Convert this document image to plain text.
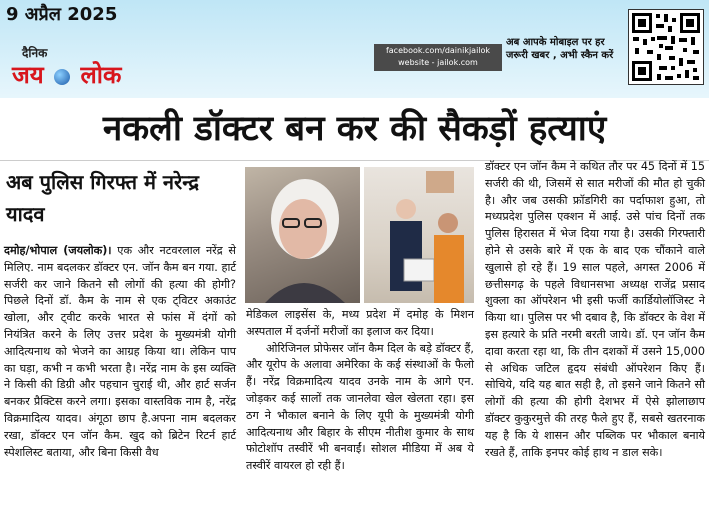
9 अप्रैल 2025
दैनिक
जय लोक
facebook.com/dainikjailok
website - jailok.com
अब आपके मोबाइल पर हर
जरूरी खबर , अभी स्कैन करें
नकली डॉक्टर बन कर की सैकड़ों हत्याएं
अब पुलिस गिरफ्त में नरेन्द्र यादव

दमोह/भोपाल (जयलोक)। एक और नटवरलाल नरेंद्र से मिलिए. नाम बदलकर डॉक्टर एन. जॉन कैम बन गया. हार्ट सर्जरी कर जाने कितने सौ लोगों की हत्या की होगी? पिछले दिनों डॉ. कैम के नाम से एक ट्विटर अकाउंट खोला, और ट्वीट करके भारत से फांस में दंगों को नियंत्रित करने के लिए उत्तर प्रदेश के मुख्यमंत्री योगी आदित्यनाथ को भेजने का आग्रह किया था। लेकिन पाप का घड़ा, कभी न कभी भरता है। नरेंद्र नाम के इस व्यक्ति ने किसी की डिग्री और पहचान चुराई थी, और हार्ट सर्जन बनकर प्रैक्टिस करने लगा। इसका वास्तविक नाम है, नरेंद्र विक्रमादित्य यादव। अंगूठा छाप है.अपना नाम बदलकर रखा, डॉक्टर एन जॉन कैम. खुद को ब्रिटेन रिटर्न हार्ट स्पेशलिस्ट बताया, और बिना किसी वैध

मेडिकल लाइसेंस के, मध्य प्रदेश में दमोह के मिशन अस्पताल में दर्जनों मरीजों का इलाज कर दिया।

ओरिजिनल प्रोफेसर जॉन कैम दिल के बड़े डॉक्टर हैं, और यूरोप के अलावा अमेरिका के कई संस्थाओं के फैलो हैं। नरेंद्र विक्रमादित्य यादव उनके नाम के आगे एन. जोड़कर कई सालों तक जानलेवा खेल खेलता रहा। इस ठग ने भौकाल बनाने के लिए यूपी के मुख्यमंत्री योगी आदित्यनाथ और बिहार के सीएम नीतीश कुमार के साथ फोटोशॉप तस्वीरें भी बनवाईं। सोशल मीडिया में अब ये तस्वीरें वायरल हो रही हैं।

डॉक्टर एन जॉन कैम ने कथित तौर पर 45 दिनों में 15 सर्जरी की थी, जिसमें से सात मरीजों की मौत हो चुकी है। और जब उसकी फ्रॉडगिरी का पर्दाफाश हुआ, तो मध्यप्रदेश पुलिस एक्शन में आई. उसे पांच दिनों तक पुलिस हिरासत में भेज दिया गया है। उसकी गिरफ्तारी होने से उसके बारे में एक के बाद एक चौंकाने वाले खुलासे हो रहे हैं। 19 साल पहले, अगस्त 2006 में छत्तीसगढ़ के पहले विधानसभा अध्यक्ष राजेंद्र प्रसाद शुक्ला का ऑपरेशन भी इसी फर्जी कार्डियोलॉजिस्ट ने किया था। पुलिस पर भी दबाव है, कि डॉक्टर के वेश में इस हत्यारे के प्रति नरमी बरती जाये। डॉ. एन जॉन कैम दावा करता रहा था, कि तीन दशकों में उसने 15,000 से अधिक जटिल हृदय संबंधी ऑपरेशन किए हैं। सोचिये, यदि यह बात सही है, तो इसने जाने कितने सौ लोगों की हत्या की होगी देशभर में ऐसे झोलाछाप डॉक्टर कुकुरमुत्ते की तरह फैले हुए हैं, सबसे खतरनाक यह है कि ये शासन और पब्लिक पर भौकाल बनाये रखते हैं, ताकि इनपर कोई हाथ न डाल सके।
